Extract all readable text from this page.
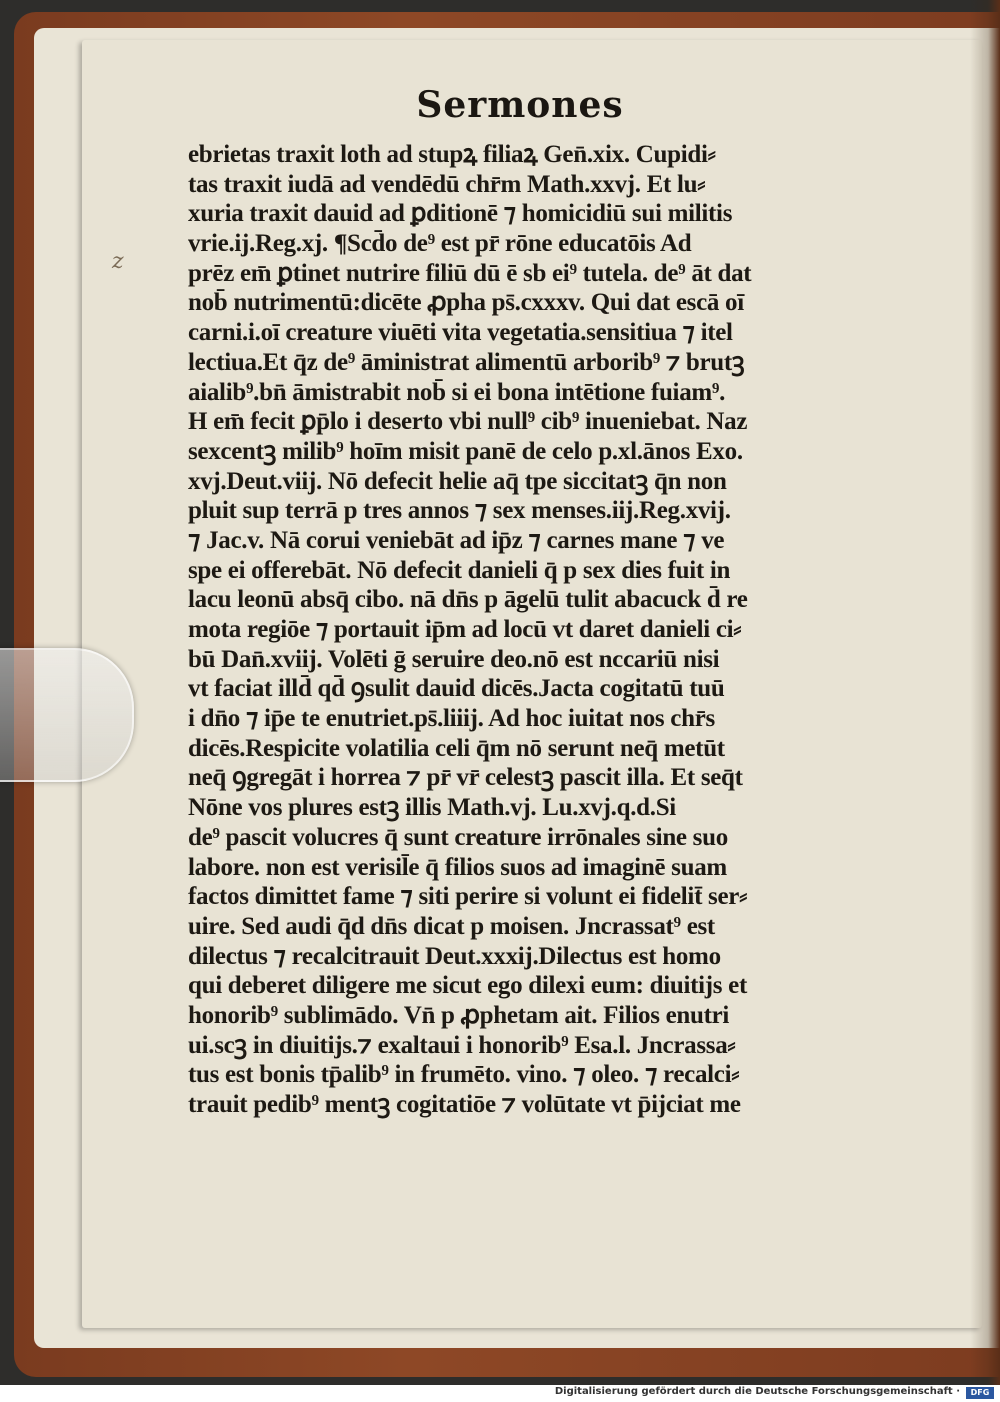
z
Sermones
ebrietas traxit loth ad stupꝝ filiaꝝ Gen̄.xix. Cupidi⸗
tas traxit iudā ad vendēdū chr̄m Math.xxvj. Et lu⸗
xuria traxit dauid ad ꝑditionē ⁊ homicidiū sui militis
vrie.ij.Reg.xj. ¶Scd̄o de⁹ est pr̄ rōne educatōis Ad
prēz em̄ ꝑtinet nutrire filiū dū ē sb ei⁹ tutela. de⁹ āt dat
nob̄ nutrimentū:dicēte ꝓpha ps̄.cxxxv. Qui dat escā oī
carni.i.oī creature viuēti vita vegetatia.sensitiua ⁊ itel
lectiua.Et q̄z de⁹ āministrat alimentū arborib⁹ ⁊ brutꝫ
aialib⁹.bn̄ āmistrabit nob̄ si ei bona intētione fuiam⁹.
H em̄ fecit ꝑp̄lo i deserto vbi null⁹ cib⁹ inueniebat. Naz
sexcentꝫ milib⁹ hoīm misit panē de celo p.xl.ānos Exo.
xvj.Deut.viij. Nō defecit helie aq̄ tpe siccitatꝫ q̄n non
pluit sup terrā p tres annos ⁊ sex menses.iij.Reg.xvij.
⁊ Jac.v. Nā corui veniebāt ad ip̄z ⁊ carnes mane ⁊ ve
spe ei offerebāt. Nō defecit danieli q̄ p sex dies fuit in
lacu leonū absq̄ cibo. nā dn̄s p āgelū tulit abacuck d̄ re
mota regiōe ⁊ portauit ip̄m ad locū vt daret danieli ci⸗
bū Dan̄.xviij. Volēti ḡ seruire deo.nō est nccariū nisi
vt faciat illd̄ qd̄ ꝯsulit dauid dicēs.Jacta cogitatū tuū
i dn̄o ⁊ ip̄e te enutriet.ps̄.liiij. Ad hoc iuitat nos chr̄s
dicēs.Respicite volatilia celi q̄m nō serunt neq̄ metūt
neq̄ ꝯgregāt i horrea ⁊ pr̄ vr̄ celestꝫ pascit illa. Et seq̄t
Nōne vos plures estꝫ illis Math.vj. Lu.xvj.q.d.Si
de⁹ pascit volucres q̄ sunt creature irrōnales sine suo
labore. non est verisil̄e q̄ filios suos ad imaginē suam
factos dimittet fame ⁊ siti perire si volunt ei fidelit̄ ser⸗
uire. Sed audi q̄d dn̄s dicat p moisen. Jncrassat⁹ est
dilectus ⁊ recalcitrauit Deut.xxxij.Dilectus est homo
qui deberet diligere me sicut ego dilexi eum: diuitijs et
honorib⁹ sublimādo. Vn̄ p ꝓphetam ait. Filios enutri
ui.scꝫ in diuitijs.⁊ exaltaui i honorib⁹ Esa.l. Jncrassa⸗
tus est bonis tp̄alib⁹ in frumēto. vino. ⁊ oleo. ⁊ recalci⸗
trauit pedib⁹ mentꝫ cogitatiōe ⁊ volūtate vt p̄ijciat me
Digitalisierung gefördert durch die Deutsche Forschungsgemeinschaft ·	DFG
